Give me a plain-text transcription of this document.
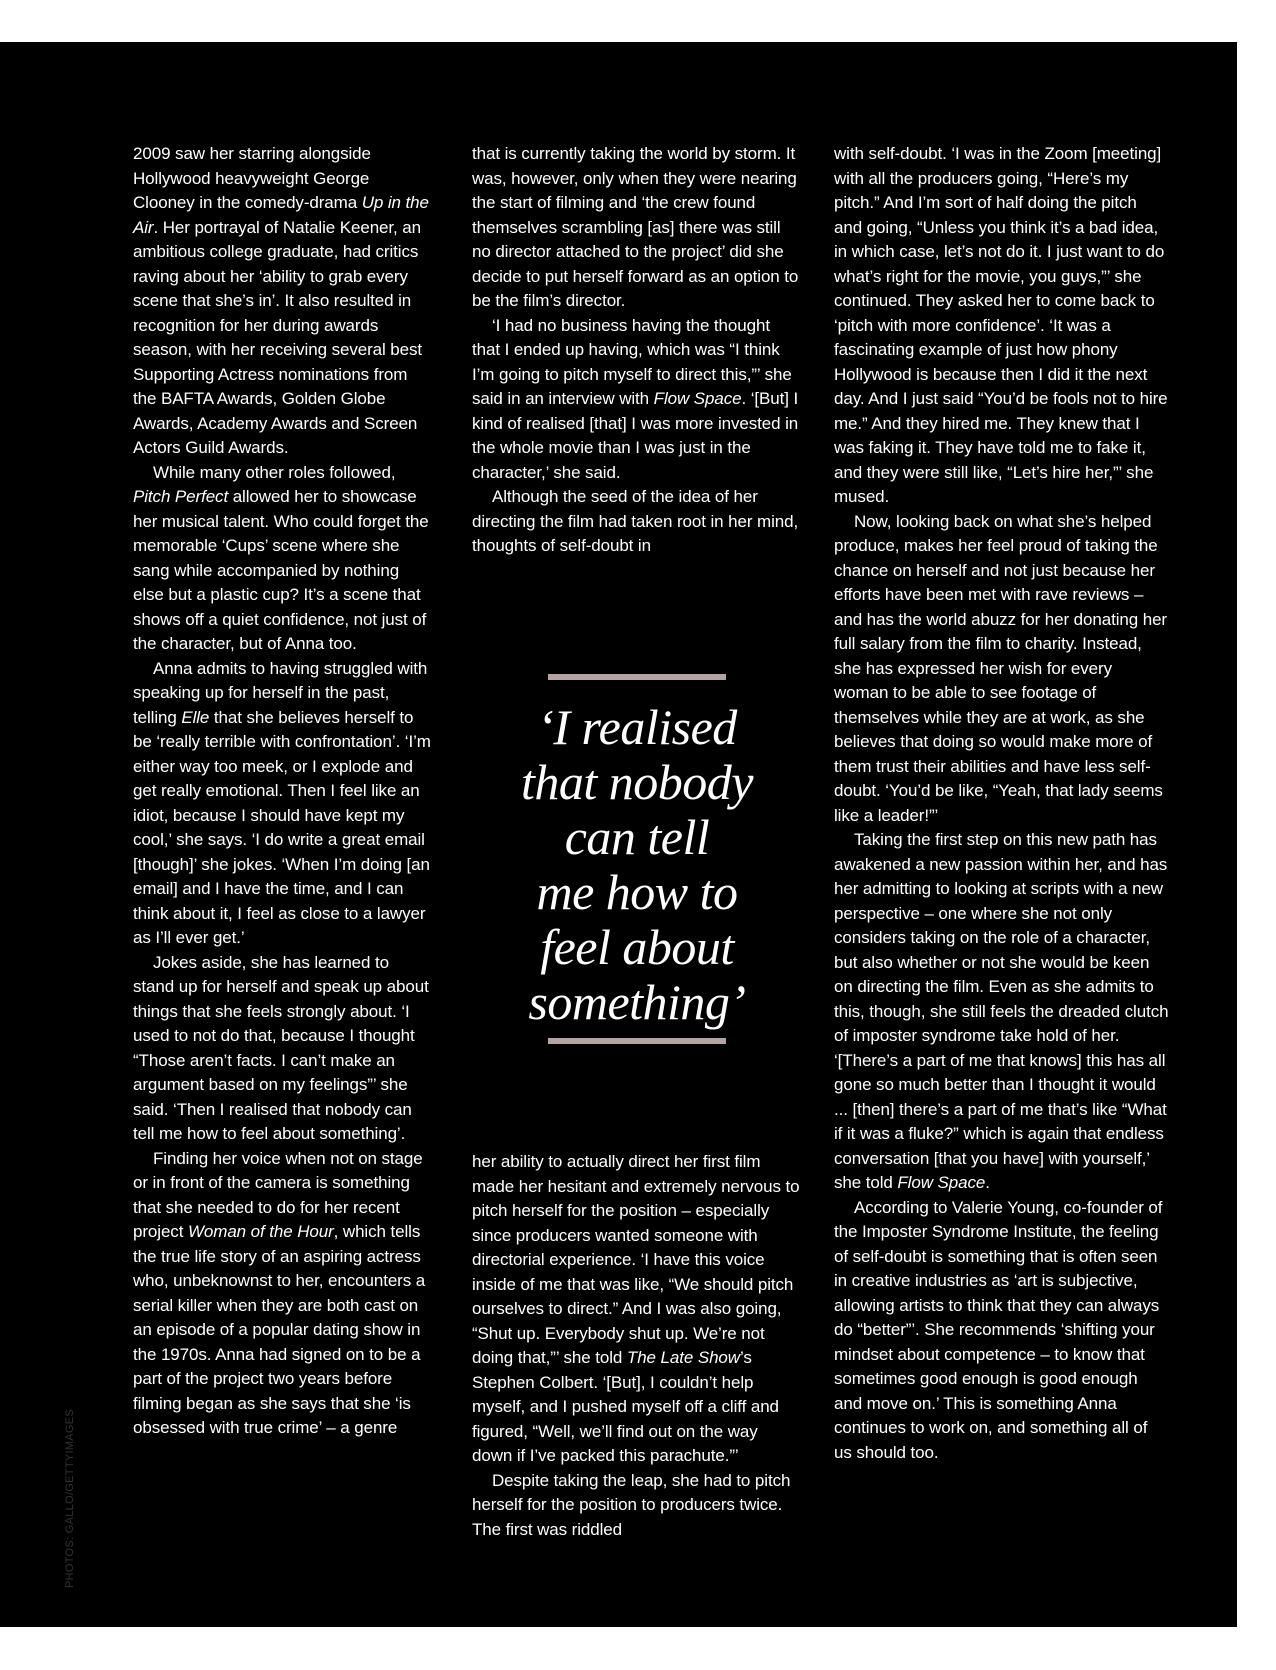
2009 saw her starring alongside Hollywood heavyweight George Clooney in the comedy-drama Up in the Air. Her portrayal of Natalie Keener, an ambitious college graduate, had critics raving about her ‘ability to grab every scene that she’s in’. It also resulted in recognition for her during awards season, with her receiving several best Supporting Actress nominations from the BAFTA Awards, Golden Globe Awards, Academy Awards and Screen Actors Guild Awards.

While many other roles followed, Pitch Perfect allowed her to showcase her musical talent. Who could forget the memorable ‘Cups’ scene where she sang while accompanied by nothing else but a plastic cup? It’s a scene that shows off a quiet confidence, not just of the character, but of Anna too.

Anna admits to having struggled with speaking up for herself in the past, telling Elle that she believes herself to be ‘really terrible with confrontation’. ‘I’m either way too meek, or I explode and get really emotional. Then I feel like an idiot, because I should have kept my cool,’ she says. ‘I do write a great email [though]’ she jokes. ‘When I’m doing [an email] and I have the time, and I can think about it, I feel as close to a lawyer as I’ll ever get.’

Jokes aside, she has learned to stand up for herself and speak up about things that she feels strongly about. ‘I used to not do that, because I thought “Those aren’t facts. I can’t make an argument based on my feelings”’ she said. ‘Then I realised that nobody can tell me how to feel about something’.

Finding her voice when not on stage or in front of the camera is something that she needed to do for her recent project Woman of the Hour, which tells the true life story of an aspiring actress who, unbeknownst to her, encounters a serial killer when they are both cast on an episode of a popular dating show in the 1970s. Anna had signed on to be a part of the project two years before filming began as she says that she ‘is obsessed with true crime’ – a genre

that is currently taking the world by storm. It was, however, only when they were nearing the start of filming and ‘the crew found themselves scrambling [as] there was still no director attached to the project’ did she decide to put herself forward as an option to be the film’s director.

‘I had no business having the thought that I ended up having, which was “I think I’m going to pitch myself to direct this,”’ she said in an interview with Flow Space. ‘[But] I kind of realised [that] I was more invested in the whole movie than I was just in the character,’ she said.

Although the seed of the idea of her directing the film had taken root in her mind, thoughts of self-doubt in

‘I realised
that nobody
can tell
me how to
feel about
something’

her ability to actually direct her first film made her hesitant and extremely nervous to pitch herself for the position – especially since producers wanted someone with directorial experience. ‘I have this voice inside of me that was like, “We should pitch ourselves to direct.” And I was also going, “Shut up. Everybody shut up. We’re not doing that,”’ she told The Late Show’s Stephen Colbert. ‘[But], I couldn’t help myself, and I pushed myself off a cliff and figured, “Well, we’ll find out on the way down if I’ve packed this parachute.”’

Despite taking the leap, she had to pitch herself for the position to producers twice. The first was riddled

with self-doubt. ‘I was in the Zoom [meeting] with all the producers going, “Here’s my pitch.” And I’m sort of half doing the pitch and going, “Unless you think it’s a bad idea, in which case, let’s not do it. I just want to do what’s right for the movie, you guys,”’ she continued. They asked her to come back to ‘pitch with more confidence’. ‘It was a fascinating example of just how phony Hollywood is because then I did it the next day. And I just said “You’d be fools not to hire me.” And they hired me. They knew that I was faking it. They have told me to fake it, and they were still like, “Let’s hire her,”’ she mused.

Now, looking back on what she’s helped produce, makes her feel proud of taking the chance on herself and not just because her efforts have been met with rave reviews – and has the world abuzz for her donating her full salary from the film to charity. Instead, she has expressed her wish for every woman to be able to see footage of themselves while they are at work, as she believes that doing so would make more of them trust their abilities and have less self-doubt. ‘You’d be like, “Yeah, that lady seems like a leader!”’

Taking the first step on this new path has awakened a new passion within her, and has her admitting to looking at scripts with a new perspective – one where she not only considers taking on the role of a character, but also whether or not she would be keen on directing the film. Even as she admits to this, though, she still feels the dreaded clutch of imposter syndrome take hold of her. ‘[There’s a part of me that knows] this has all gone so much better than I thought it would ... [then] there’s a part of me that’s like “What if it was a fluke?” which is again that endless conversation [that you have] with yourself,’ she told Flow Space.

According to Valerie Young, co-founder of the Imposter Syndrome Institute, the feeling of self-doubt is something that is often seen in creative industries as ‘art is subjective, allowing artists to think that they can always do “better”’. She recommends ‘shifting your mindset about competence – to know that sometimes good enough is good enough and move on.’ This is something Anna continues to work on, and something all of us should too.

PHOTOS: GALLO/GETTYIMAGES
